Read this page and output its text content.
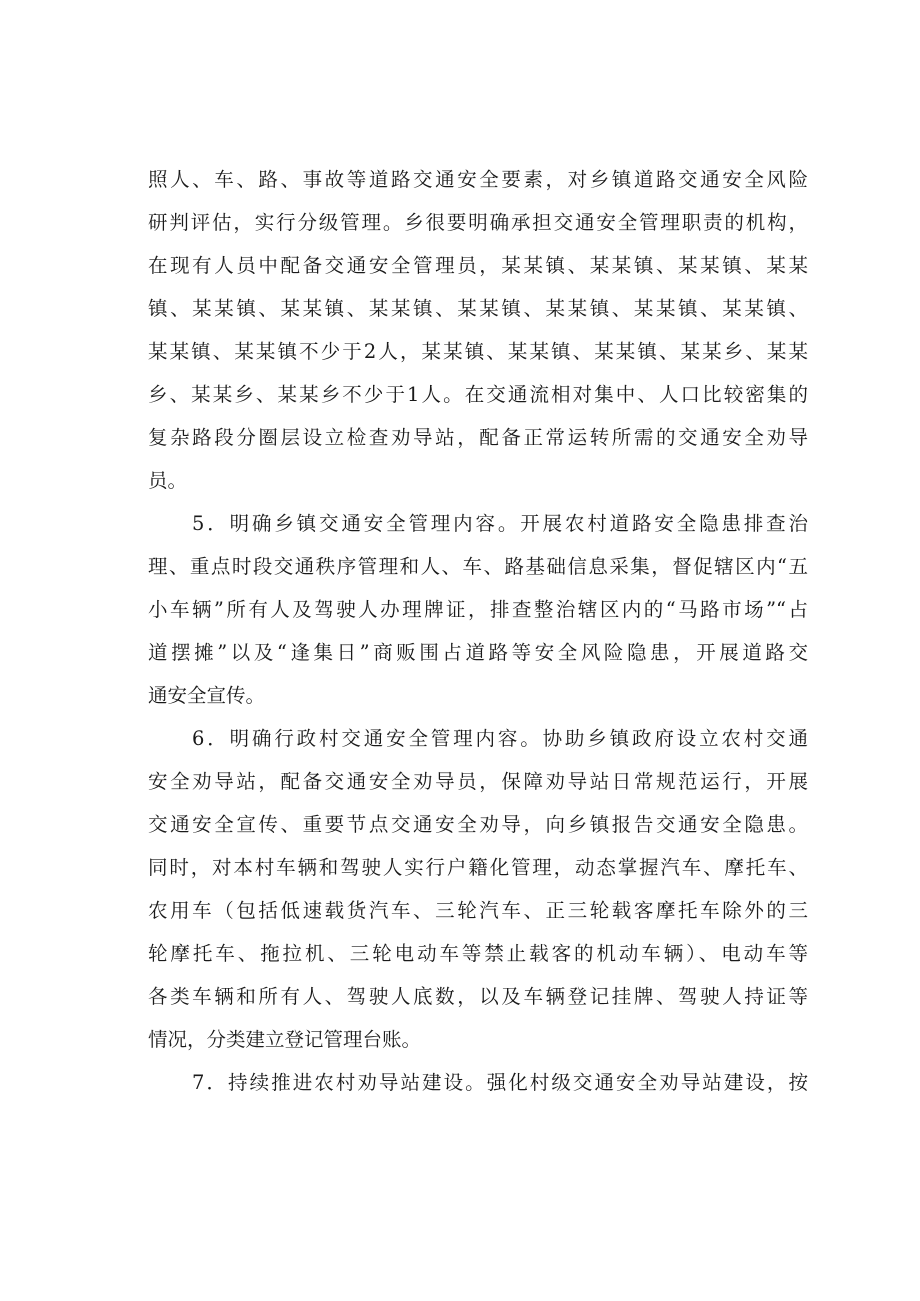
照人、车、路、事故等道路交通安全要素，对乡镇道路交通安全风险
研判评估，实行分级管理。乡很要明确承担交通安全管理职责的机构，
在现有人员中配备交通安全管理员，某某镇、某某镇、某某镇、某某
镇、某某镇、某某镇、某某镇、某某镇、某某镇、某某镇、某某镇、
某某镇、某某镇不少于2人，某某镇、某某镇、某某镇、某某乡、某某
乡、某某乡、某某乡不少于1人。在交通流相对集中、人口比较密集的
复杂路段分圈层设立检查劝导站，配备正常运转所需的交通安全劝导
员。
5．明确乡镇交通安全管理内容。开展农村道路安全隐患排查治
理、重点时段交通秩序管理和人、车、路基础信息采集，督促辖区内“五
小车辆”所有人及驾驶人办理牌证，排查整治辖区内的“马路市场”“占
道摆摊”以及“逢集日”商贩围占道路等安全风险隐患，开展道路交
通安全宣传。
6．明确行政村交通安全管理内容。协助乡镇政府设立农村交通
安全劝导站，配备交通安全劝导员，保障劝导站日常规范运行，开展
交通安全宣传、重要节点交通安全劝导，向乡镇报告交通安全隐患。
同时，对本村车辆和驾驶人实行户籍化管理，动态掌握汽车、摩托车、
农用车（包括低速载货汽车、三轮汽车、正三轮载客摩托车除外的三
轮摩托车、拖拉机、三轮电动车等禁止载客的机动车辆）、电动车等
各类车辆和所有人、驾驶人底数，以及车辆登记挂牌、驾驶人持证等
情况，分类建立登记管理台账。
7．持续推进农村劝导站建设。强化村级交通安全劝导站建设，按
